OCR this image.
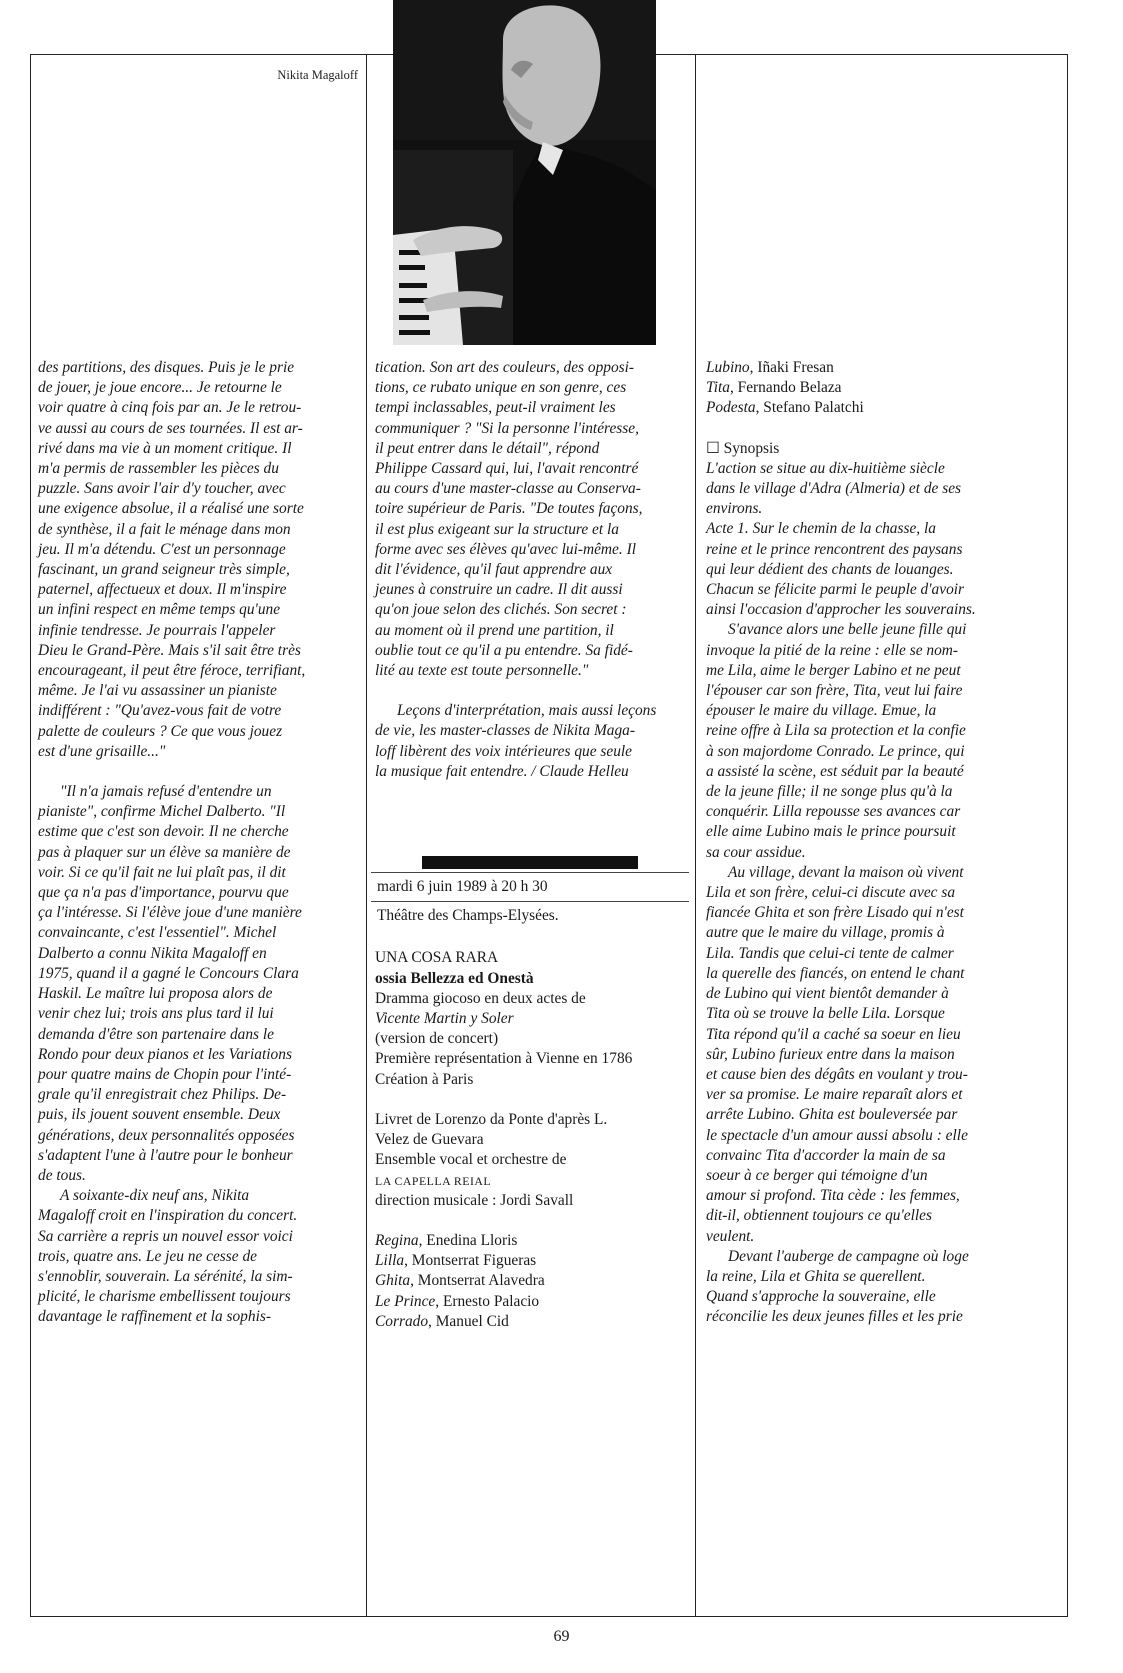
Nikita Magaloff

des partitions, des disques. Puis je le prie
de jouer, je joue encore... Je retourne le
voir quatre à cinq fois par an. Je le retrou-
ve aussi au cours de ses tournées. Il est ar-
rivé dans ma vie à un moment critique. Il
m'a permis de rassembler les pièces du
puzzle. Sans avoir l'air d'y toucher, avec
une exigence absolue, il a réalisé une sorte
de synthèse, il a fait le ménage dans mon
jeu. Il m'a détendu. C'est un personnage
fascinant, un grand seigneur très simple,
paternel, affectueux et doux. Il m'inspire
un infini respect en même temps qu'une
infinie tendresse. Je pourrais l'appeler
Dieu le Grand-Père. Mais s'il sait être très
encourageant, il peut être féroce, terrifiant,
même. Je l'ai vu assassiner un pianiste
indifférent : "Qu'avez-vous fait de votre
palette de couleurs ? Ce que vous jouez
est d'une grisaille..."

"Il n'a jamais refusé d'entendre un
pianiste", confirme Michel Dalberto. "Il
estime que c'est son devoir. Il ne cherche
pas à plaquer sur un élève sa manière de
voir. Si ce qu'il fait ne lui plaît pas, il dit
que ça n'a pas d'importance, pourvu que
ça l'intéresse. Si l'élève joue d'une manière
convaincante, c'est l'essentiel". Michel
Dalberto a connu Nikita Magaloff en
1975, quand il a gagné le Concours Clara
Haskil. Le maître lui proposa alors de
venir chez lui; trois ans plus tard il lui
demanda d'être son partenaire dans le
Rondo pour deux pianos et les Variations
pour quatre mains de Chopin pour l'inté-
grale qu'il enregistrait chez Philips. De-
puis, ils jouent souvent ensemble. Deux
générations, deux personnalités opposées
s'adaptent l'une à l'autre pour le bonheur
de tous.

A soixante-dix neuf ans, Nikita
Magaloff croit en l'inspiration du concert.
Sa carrière a repris un nouvel essor voici
trois, quatre ans. Le jeu ne cesse de
s'ennoblir, souverain. La sérénité, la sim-
plicité, le charisme embellissent toujours
davantage le raffinement et la sophis-

tication. Son art des couleurs, des opposi-
tions, ce rubato unique en son genre, ces
tempi inclassables, peut-il vraiment les
communiquer ? "Si la personne l'intéresse,
il peut entrer dans le détail", répond
Philippe Cassard qui, lui, l'avait rencontré
au cours d'une master-classe au Conserva-
toire supérieur de Paris. "De toutes façons,
il est plus exigeant sur la structure et la
forme avec ses élèves qu'avec lui-même. Il
dit l'évidence, qu'il faut apprendre aux
jeunes à construire un cadre. Il dit aussi
qu'on joue selon des clichés. Son secret :
au moment où il prend une partition, il
oublie tout ce qu'il a pu entendre. Sa fidé-
lité au texte est toute personnelle."

Leçons d'interprétation, mais aussi leçons
de vie, les master-classes de Nikita Maga-
loff libèrent des voix intérieures que seule
la musique fait entendre. / Claude Helleu

mardi 6 juin 1989 à 20 h 30
Théâtre des Champs-Elysées.
UNA COSA RARA
ossia Bellezza ed Onestà
Dramma giocoso en deux actes de
Vicente Martin y Soler
(version de concert)
Première représentation à Vienne en 1786
Création à Paris
Livret de Lorenzo da Ponte d'après L.
Velez de Guevara
Ensemble vocal et orchestre de
LA CAPELLA REIAL
direction musicale : Jordi Savall
Regina, Enedina Lloris
Lilla, Montserrat Figueras
Ghita, Montserrat Alavedra
Le Prince, Ernesto Palacio
Corrado, Manuel Cid
Lubino, Iñaki Fresan
Tita, Fernando Belaza
Podesta, Stefano Palatchi
☐ Synopsis

L'action se situe au dix-huitième siècle
dans le village d'Adra (Almeria) et de ses
environs.
Acte 1. Sur le chemin de la chasse, la
reine et le prince rencontrent des paysans
qui leur dédient des chants de louanges.
Chacun se félicite parmi le peuple d'avoir
ainsi l'occasion d'approcher les souverains.

S'avance alors une belle jeune fille qui
invoque la pitié de la reine : elle se nom-
me Lila, aime le berger Labino et ne peut
l'épouser car son frère, Tita, veut lui faire
épouser le maire du village. Emue, la
reine offre à Lila sa protection et la confie
à son majordome Conrado. Le prince, qui
a assisté la scène, est séduit par la beauté
de la jeune fille; il ne songe plus qu'à la
conquérir. Lilla repousse ses avances car
elle aime Lubino mais le prince poursuit
sa cour assidue.

Au village, devant la maison où vivent
Lila et son frère, celui-ci discute avec sa
fiancée Ghita et son frère Lisado qui n'est
autre que le maire du village, promis à
Lila. Tandis que celui-ci tente de calmer
la querelle des fiancés, on entend le chant
de Lubino qui vient bientôt demander à
Tita où se trouve la belle Lila. Lorsque
Tita répond qu'il a caché sa soeur en lieu
sûr, Lubino furieux entre dans la maison
et cause bien des dégâts en voulant y trou-
ver sa promise. Le maire reparaît alors et
arrête Lubino. Ghita est bouleversée par
le spectacle d'un amour aussi absolu : elle
convainc Tita d'accorder la main de sa
soeur à ce berger qui témoigne d'un
amour si profond. Tita cède : les femmes,
dit-il, obtiennent toujours ce qu'elles
veulent.

Devant l'auberge de campagne où loge
la reine, Lila et Ghita se querellent.
Quand s'approche la souveraine, elle
réconcilie les deux jeunes filles et les prie

69
